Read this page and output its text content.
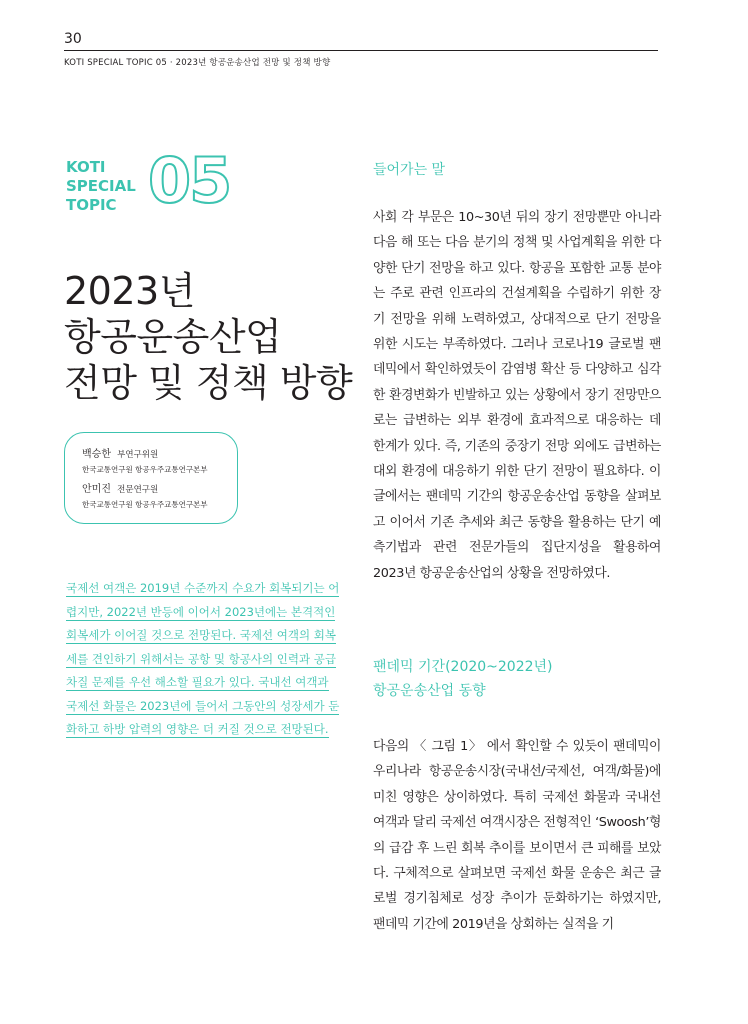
30
KOTI SPECIAL TOPIC 05 · 2023년 항공운송산업 전망 및 정책 방향
KOTI
SPECIAL
TOPIC 05
2023년
항공운송산업
전망 및 정책 방향
백승한 부연구위원
한국교통연구원 항공우주교통연구본부
안미진 전문연구원
한국교통연구원 항공우주교통연구본부

국제선 여객은 2019년 수준까지 수요가 회복되기는 어렵지만, 2022년 반등에 이어서 2023년에는 본격적인 회복세가 이어질 것으로 전망된다. 국제선 여객의 회복세를 견인하기 위해서는 공항 및 항공사의 인력과 공급 차질 문제를 우선 해소할 필요가 있다. 국내선 여객과 국제선 화물은 2023년에 들어서 그동안의 성장세가 둔화하고 하방 압력의 영향은 더 커질 것으로 전망된다.

들어가는 말

사회 각 부문은 10~30년 뒤의 장기 전망뿐만 아니라 다음 해 또는 다음 분기의 정책 및 사업계획을 위한 다양한 단기 전망을 하고 있다. 항공을 포함한 교통 분야는 주로 관련 인프라의 건설계획을 수립하기 위한 장기 전망을 위해 노력하였고, 상대적으로 단기 전망을 위한 시도는 부족하였다. 그러나 코로나19 글로벌 팬데믹에서 확인하였듯이 감염병 확산 등 다양하고 심각한 환경변화가 빈발하고 있는 상황에서 장기 전망만으로는 급변하는 외부 환경에 효과적으로 대응하는 데 한계가 있다. 즉, 기존의 중장기 전망 외에도 급변하는 대외 환경에 대응하기 위한 단기 전망이 필요하다. 이 글에서는 팬데믹 기간의 항공운송산업 동향을 살펴보고 이어서 기존 추세와 최근 동향을 활용하는 단기 예측기법과 관련 전문가들의 집단지성을 활용하여 2023년 항공운송산업의 상황을 전망하였다.

팬데믹 기간(2020~2022년)
항공운송산업 동향

다음의 〈 그림 1〉 에서 확인할 수 있듯이 팬데믹이 우리나라 항공운송시장(국내선/국제선, 여객/화물)에 미친 영향은 상이하였다. 특히 국제선 화물과 국내선 여객과 달리 국제선 여객시장은 전형적인 ‘Swoosh’형의 급감 후 느린 회복 추이를 보이면서 큰 피해를 보았다. 구체적으로 살펴보면 국제선 화물 운송은 최근 글로벌 경기침체로 성장 추이가 둔화하기는 하였지만, 팬데믹 기간에 2019년을 상회하는 실적을 기
